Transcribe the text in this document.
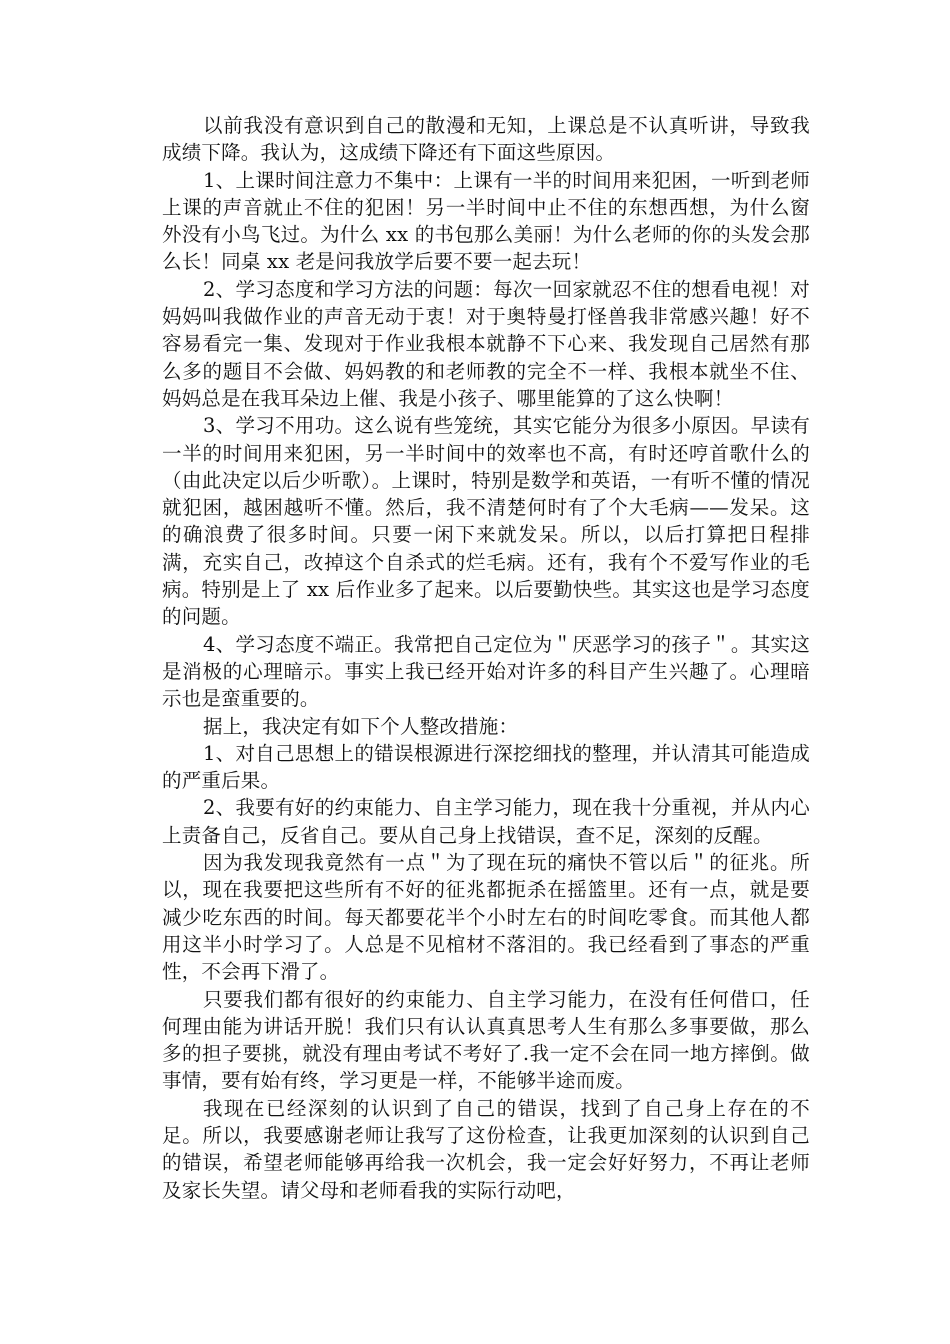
以前我没有意识到自己的散漫和无知，上课总是不认真听讲，导致我成绩下降。我认为，这成绩下降还有下面这些原因。

1、上课时间注意力不集中：上课有一半的时间用来犯困，一听到老师上课的声音就止不住的犯困！另一半时间中止不住的东想西想，为什么窗外没有小鸟飞过。为什么 xx 的书包那么美丽！为什么老师的你的头发会那么长！同桌 xx 老是问我放学后要不要一起去玩！

2、学习态度和学习方法的问题：每次一回家就忍不住的想看电视！对妈妈叫我做作业的声音无动于衷！对于奥特曼打怪兽我非常感兴趣！好不容易看完一集、发现对于作业我根本就静不下心来、我发现自己居然有那么多的题目不会做、妈妈教的和老师教的完全不一样、我根本就坐不住、妈妈总是在我耳朵边上催、我是小孩子、哪里能算的了这么快啊！

3、学习不用功。这么说有些笼统，其实它能分为很多小原因。早读有一半的时间用来犯困，另一半时间中的效率也不高，有时还哼首歌什么的（由此决定以后少听歌）。上课时，特别是数学和英语，一有听不懂的情况就犯困，越困越听不懂。然后，我不清楚何时有了个大毛病——发呆。这的确浪费了很多时间。只要一闲下来就发呆。所以，以后打算把日程排满，充实自己，改掉这个自杀式的烂毛病。还有，我有个不爱写作业的毛病。特别是上了 xx 后作业多了起来。以后要勤快些。其实这也是学习态度的问题。

4、学习态度不端正。我常把自己定位为＂厌恶学习的孩子＂。其实这是消极的心理暗示。事实上我已经开始对许多的科目产生兴趣了。心理暗示也是蛮重要的。

据上，我决定有如下个人整改措施：

1、对自己思想上的错误根源进行深挖细找的整理，并认清其可能造成的严重后果。

2、我要有好的约束能力、自主学习能力，现在我十分重视，并从内心上责备自己，反省自己。要从自己身上找错误，查不足，深刻的反醒。

因为我发现我竟然有一点＂为了现在玩的痛快不管以后＂的征兆。所以，现在我要把这些所有不好的征兆都扼杀在摇篮里。还有一点，就是要减少吃东西的时间。每天都要花半个小时左右的时间吃零食。而其他人都用这半小时学习了。人总是不见棺材不落泪的。我已经看到了事态的严重性，不会再下滑了。

只要我们都有很好的约束能力、自主学习能力，在没有任何借口，任何理由能为讲话开脱！我们只有认认真真思考人生有那么多事要做，那么多的担子要挑，就没有理由考试不考好了.我一定不会在同一地方摔倒。做事情，要有始有终，学习更是一样，不能够半途而废。

我现在已经深刻的认识到了自己的错误，找到了自己身上存在的不足。所以，我要感谢老师让我写了这份检查，让我更加深刻的认识到自己的错误，希望老师能够再给我一次机会，我一定会好好努力，不再让老师及家长失望。请父母和老师看我的实际行动吧，
